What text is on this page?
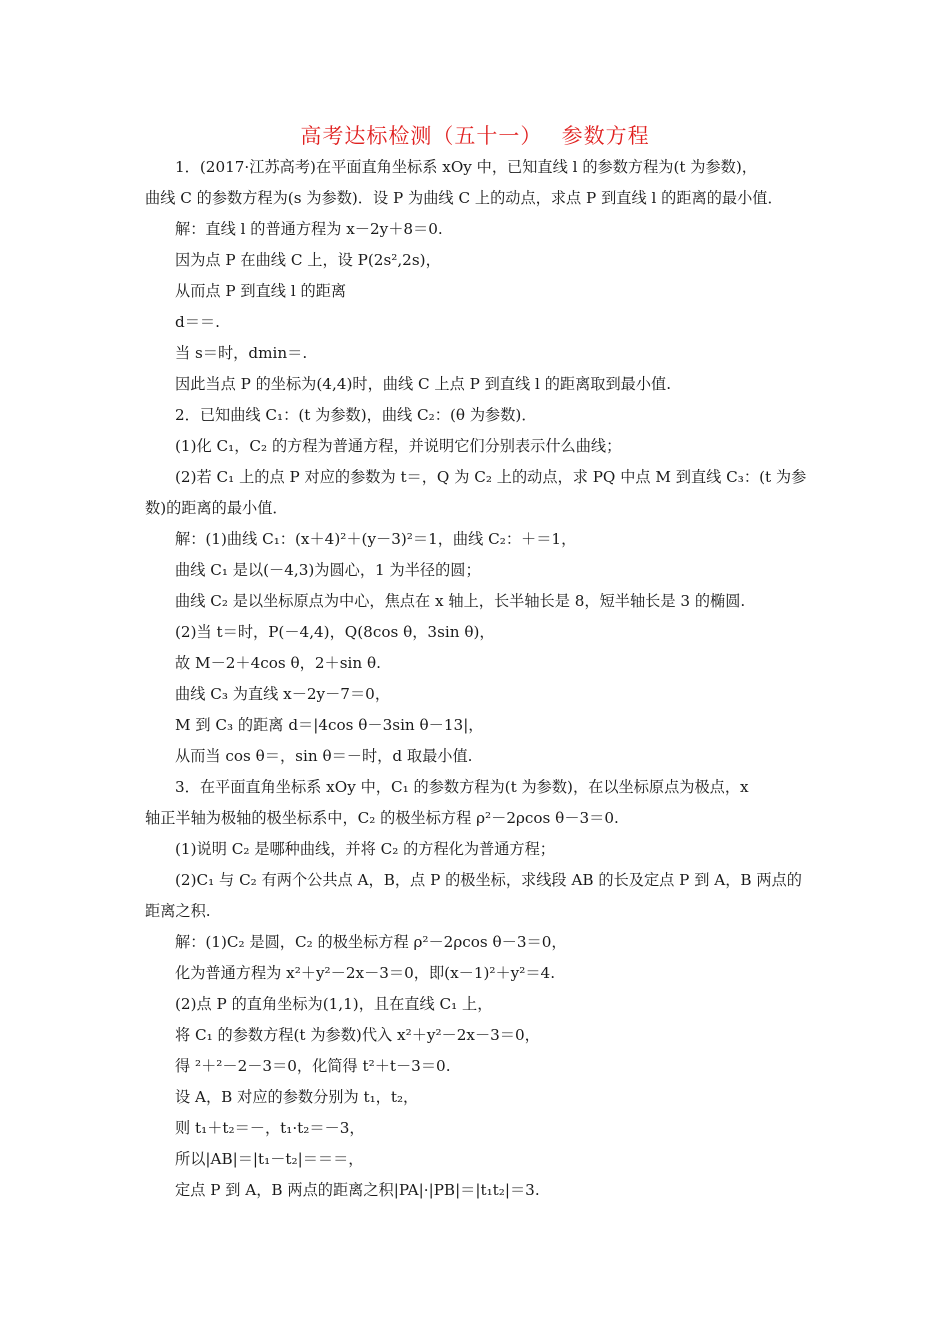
高考达标检测（五十一）　 参数方程
1．(2017·江苏高考)在平面直角坐标系 xOy 中，已知直线 l 的参数方程为(t 为参数)，
曲线 C 的参数方程为(s 为参数)．设 P 为曲线 C 上的动点，求点 P 到直线 l 的距离的最小值．
解：直线 l 的普通方程为 x－2y＋8＝0.
因为点 P 在曲线 C 上，设 P(2s²,2s)，
从而点 P 到直线 l 的距离
d＝＝.
当 s＝时，dmin＝.
因此当点 P 的坐标为(4,4)时，曲线 C 上点 P 到直线 l 的距离取到最小值.
2．已知曲线 C₁：(t 为参数)，曲线 C₂：(θ 为参数)．
(1)化 C₁，C₂ 的方程为普通方程，并说明它们分别表示什么曲线；
(2)若 C₁ 上的点 P 对应的参数为 t＝，Q 为 C₂ 上的动点，求 PQ 中点 M 到直线 C₃：(t 为参
数)的距离的最小值．
解：(1)曲线 C₁：(x＋4)²＋(y－3)²＝1，曲线 C₂：＋＝1，
曲线 C₁ 是以(－4,3)为圆心，1 为半径的圆；
曲线 C₂ 是以坐标原点为中心，焦点在 x 轴上，长半轴长是 8，短半轴长是 3 的椭圆.
(2)当 t＝时，P(－4,4)，Q(8cos θ，3sin θ)，
故 M－2＋4cos θ，2＋sin θ.
曲线 C₃ 为直线 x－2y－7＝0，
M 到 C₃ 的距离 d＝|4cos θ－3sin θ－13|，
从而当 cos θ＝，sin θ＝－时，d 取最小值.
3．在平面直角坐标系 xOy 中，C₁ 的参数方程为(t 为参数)，在以坐标原点为极点，x
轴正半轴为极轴的极坐标系中，C₂ 的极坐标方程 ρ²－2ρcos θ－3＝0.
(1)说明 C₂ 是哪种曲线，并将 C₂ 的方程化为普通方程；
(2)C₁ 与 C₂ 有两个公共点 A，B，点 P 的极坐标，求线段 AB 的长及定点 P 到 A，B 两点的
距离之积.
解：(1)C₂ 是圆，C₂ 的极坐标方程 ρ²－2ρcos θ－3＝0，
化为普通方程为 x²＋y²－2x－3＝0，即(x－1)²＋y²＝4.
(2)点 P 的直角坐标为(1,1)，且在直线 C₁ 上，
将 C₁ 的参数方程(t 为参数)代入 x²＋y²－2x－3＝0，
得 ²＋²－2－3＝0，化简得 t²＋t－3＝0.
设 A，B 对应的参数分别为 t₁，t₂，
则 t₁＋t₂＝－，t₁·t₂＝－3，
所以|AB|＝|t₁－t₂|＝＝＝，
定点 P 到 A，B 两点的距离之积|PA|·|PB|＝|t₁t₂|＝3.
